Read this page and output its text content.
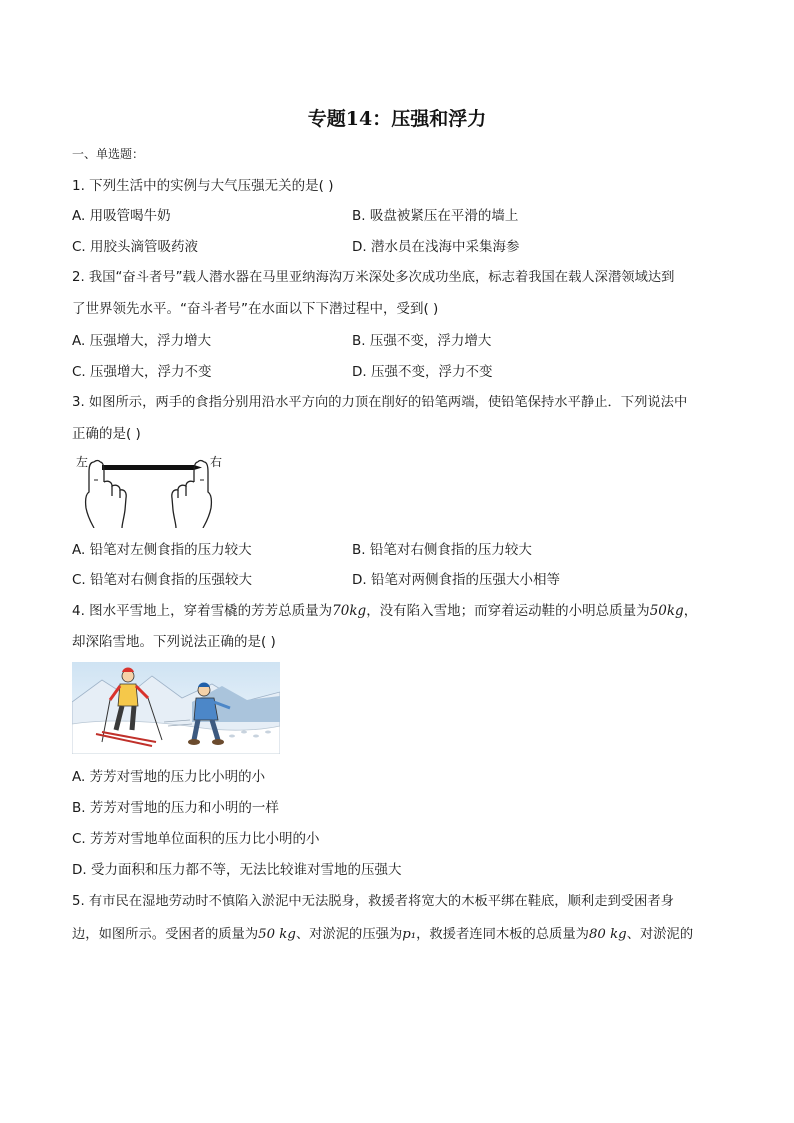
专题14：压强和浮力
一、单选题：
1. 下列生活中的实例与大气压强无关的是( )
A. 用吸管喝牛奶	B. 吸盘被紧压在平滑的墙上
C. 用胶头滴管吸药液	D. 潜水员在浅海中采集海参
2. 我国“奋斗者号”载人潜水器在马里亚纳海沟万米深处多次成功坐底，标志着我国在载人深潜领域达到
了世界领先水平。“奋斗者号”在水面以下下潜过程中，受到( )
A. 压强增大，浮力增大	B. 压强不变，浮力增大
C. 压强增大，浮力不变	D. 压强不变，浮力不变
3. 如图所示，两手的食指分别用沿水平方向的力顶在削好的铅笔两端，使铅笔保持水平静止．下列说法中
正确的是( )
左	右
A. 铅笔对左侧食指的压力较大	B. 铅笔对右侧食指的压力较大
C. 铅笔对右侧食指的压强较大	D. 铅笔对两侧食指的压强大小相等
4. 图水平雪地上，穿着雪橇的芳芳总质量为70kg，没有陷入雪地；而穿着运动鞋的小明总质量为50kg，
却深陷雪地。下列说法正确的是( )
A. 芳芳对雪地的压力比小明的小
B. 芳芳对雪地的压力和小明的一样
C. 芳芳对雪地单位面积的压力比小明的小
D. 受力面积和压力都不等，无法比较谁对雪地的压强大
5. 有市民在湿地劳动时不慎陷入淤泥中无法脱身，救援者将宽大的木板平绑在鞋底，顺利走到受困者身
边，如图所示。受困者的质量为50 kg、对淤泥的压强为p₁，救援者连同木板的总质量为80 kg、对淤泥的
